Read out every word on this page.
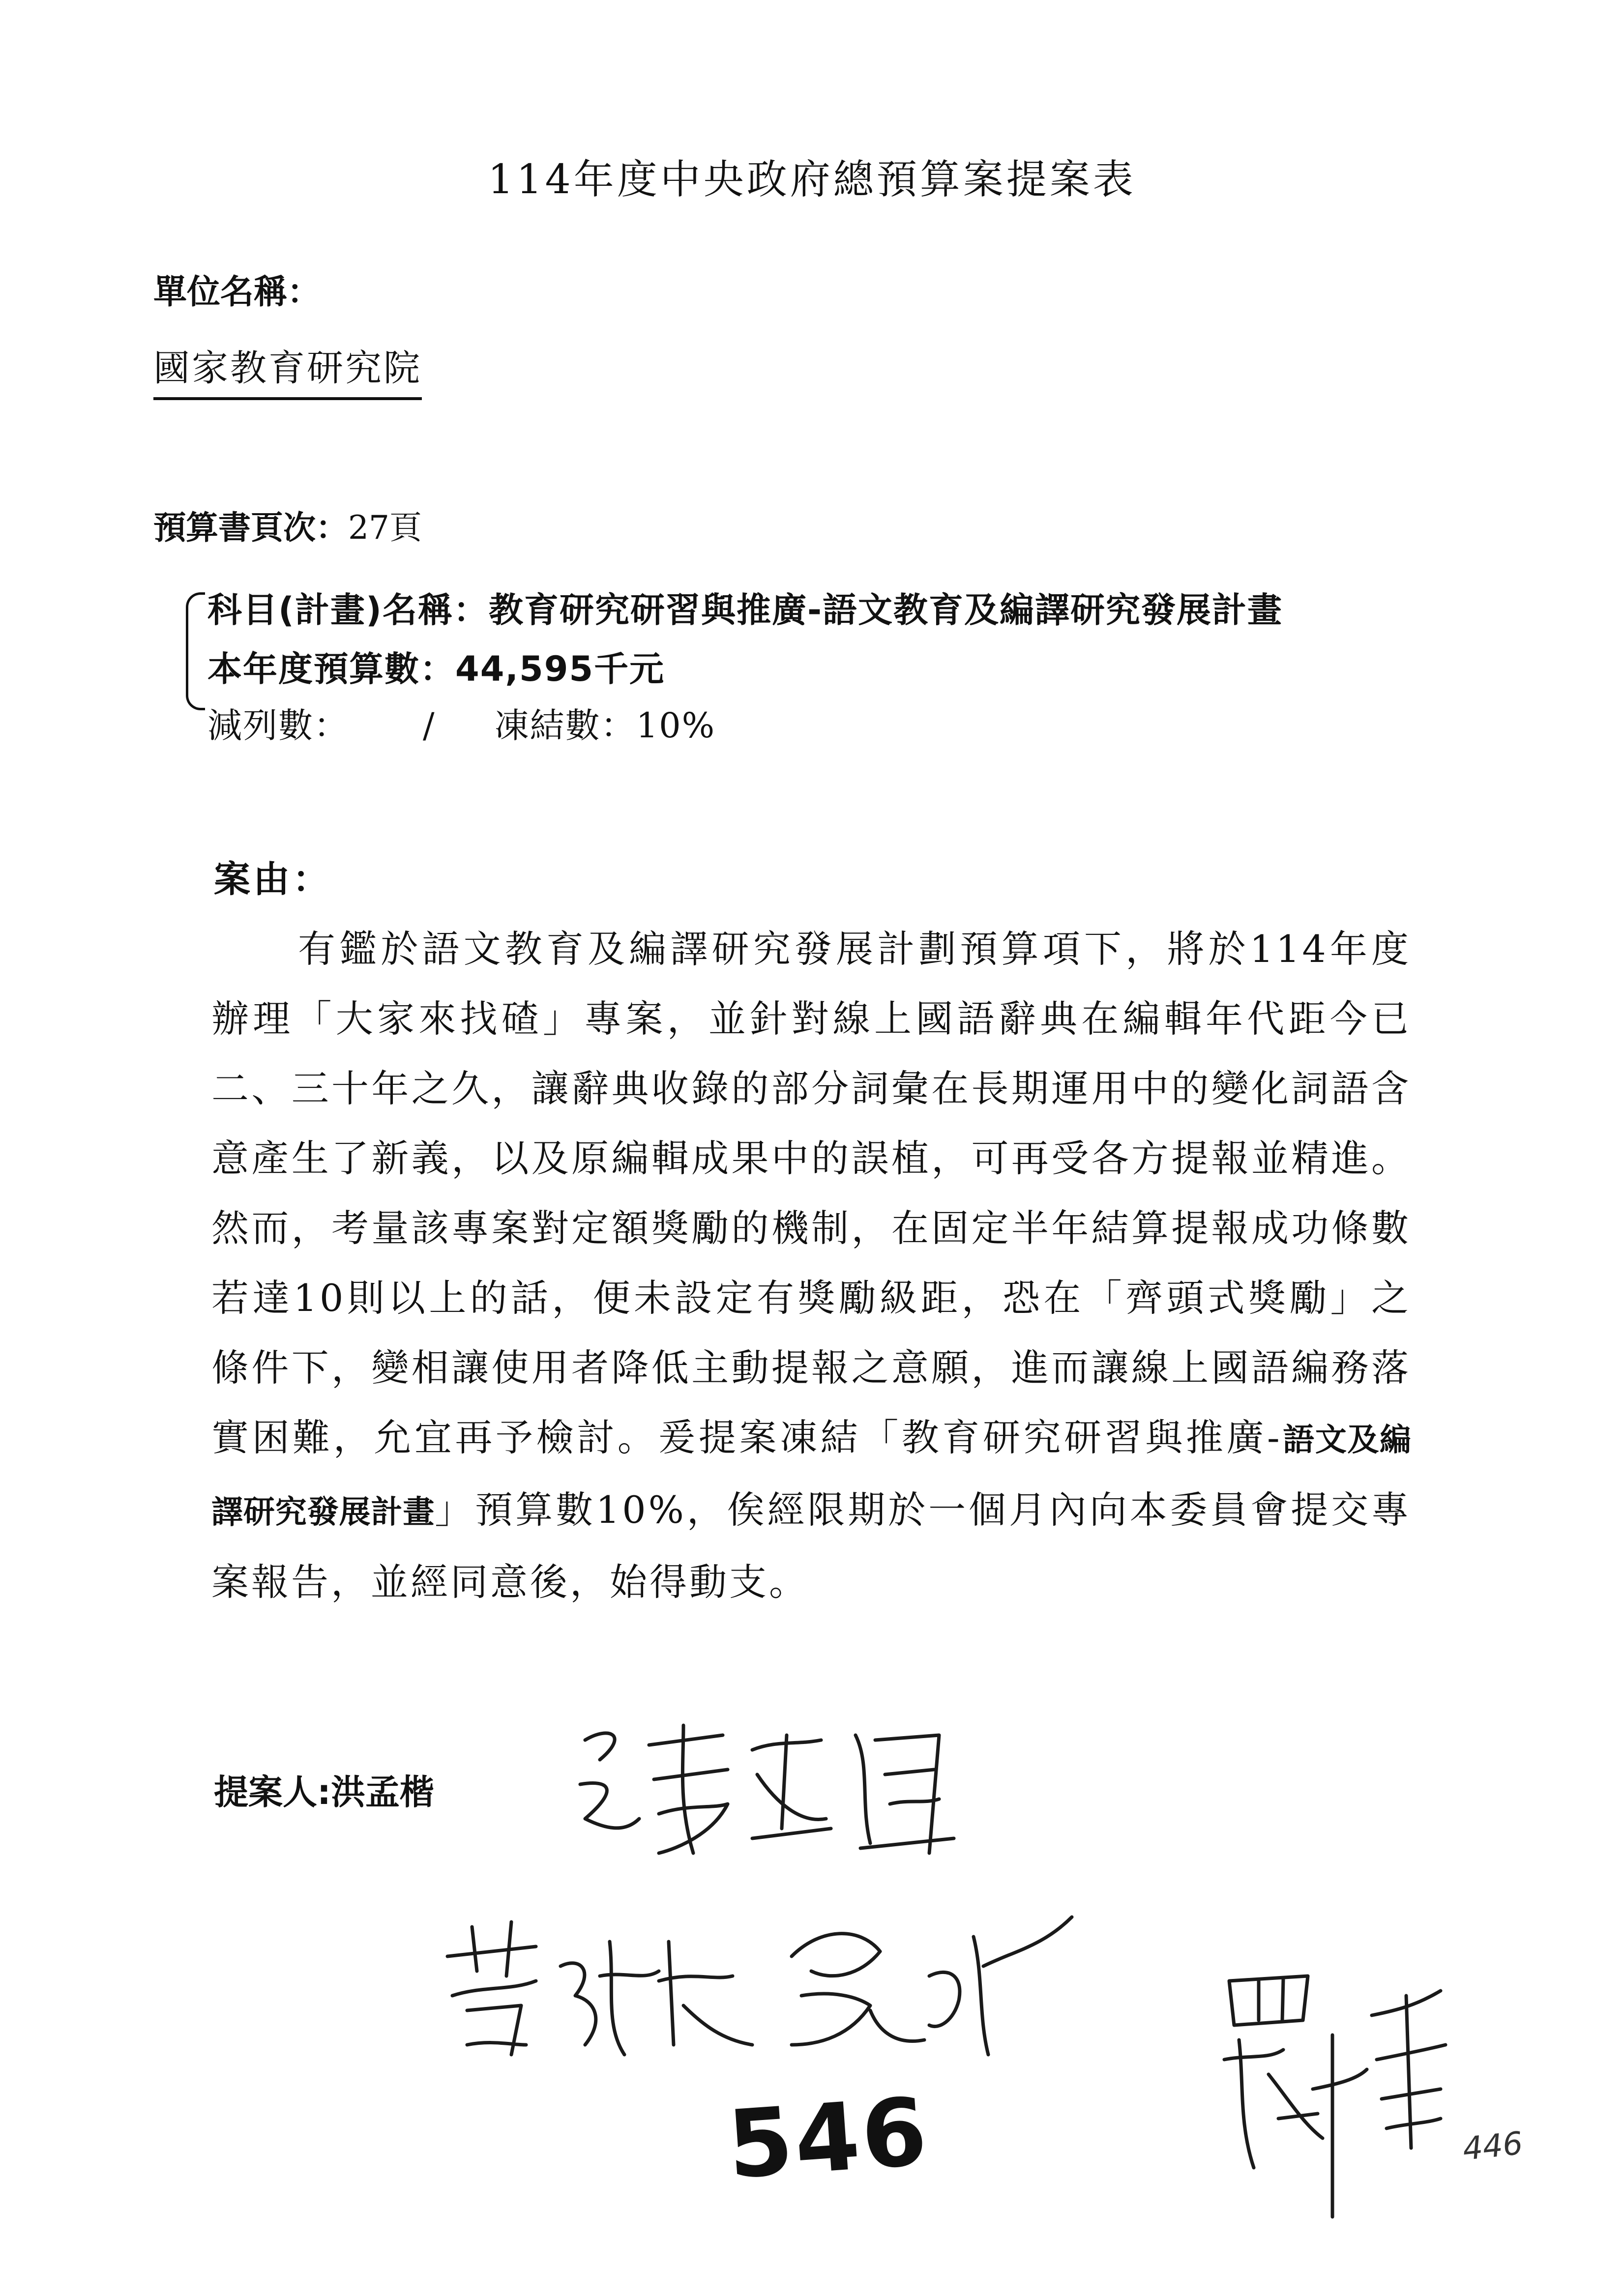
114年度中央政府總預算案提案表
單位名稱：
國家教育研究院
預算書頁次：27頁
科目(計畫)名稱：教育研究研習與推廣-語文教育及編譯研究發展計畫
本年度預算數：44,595千元
減列數： / 凍結數：10%
案由：
有鑑於語文教育及編譯研究發展計劃預算項下，將於114年度辦理「大家來找碴」專案，並針對線上國語辭典在編輯年代距今已二、三十年之久，讓辭典收錄的部分詞彙在長期運用中的變化詞語含意產生了新義，以及原編輯成果中的誤植，可再受各方提報並精進。然而，考量該專案對定額獎勵的機制，在固定半年結算提報成功條數若達10則以上的話，便未設定有獎勵級距，恐在「齊頭式獎勵」之條件下，變相讓使用者降低主動提報之意願，進而讓線上國語編務落實困難，允宜再予檢討。爰提案凍結「教育研究研習與推廣-語文及編譯研究發展計畫」預算數10%，俟經限期於一個月內向本委員會提交專案報告，並經同意後，始得動支。
提案人:洪孟楷
546	446
